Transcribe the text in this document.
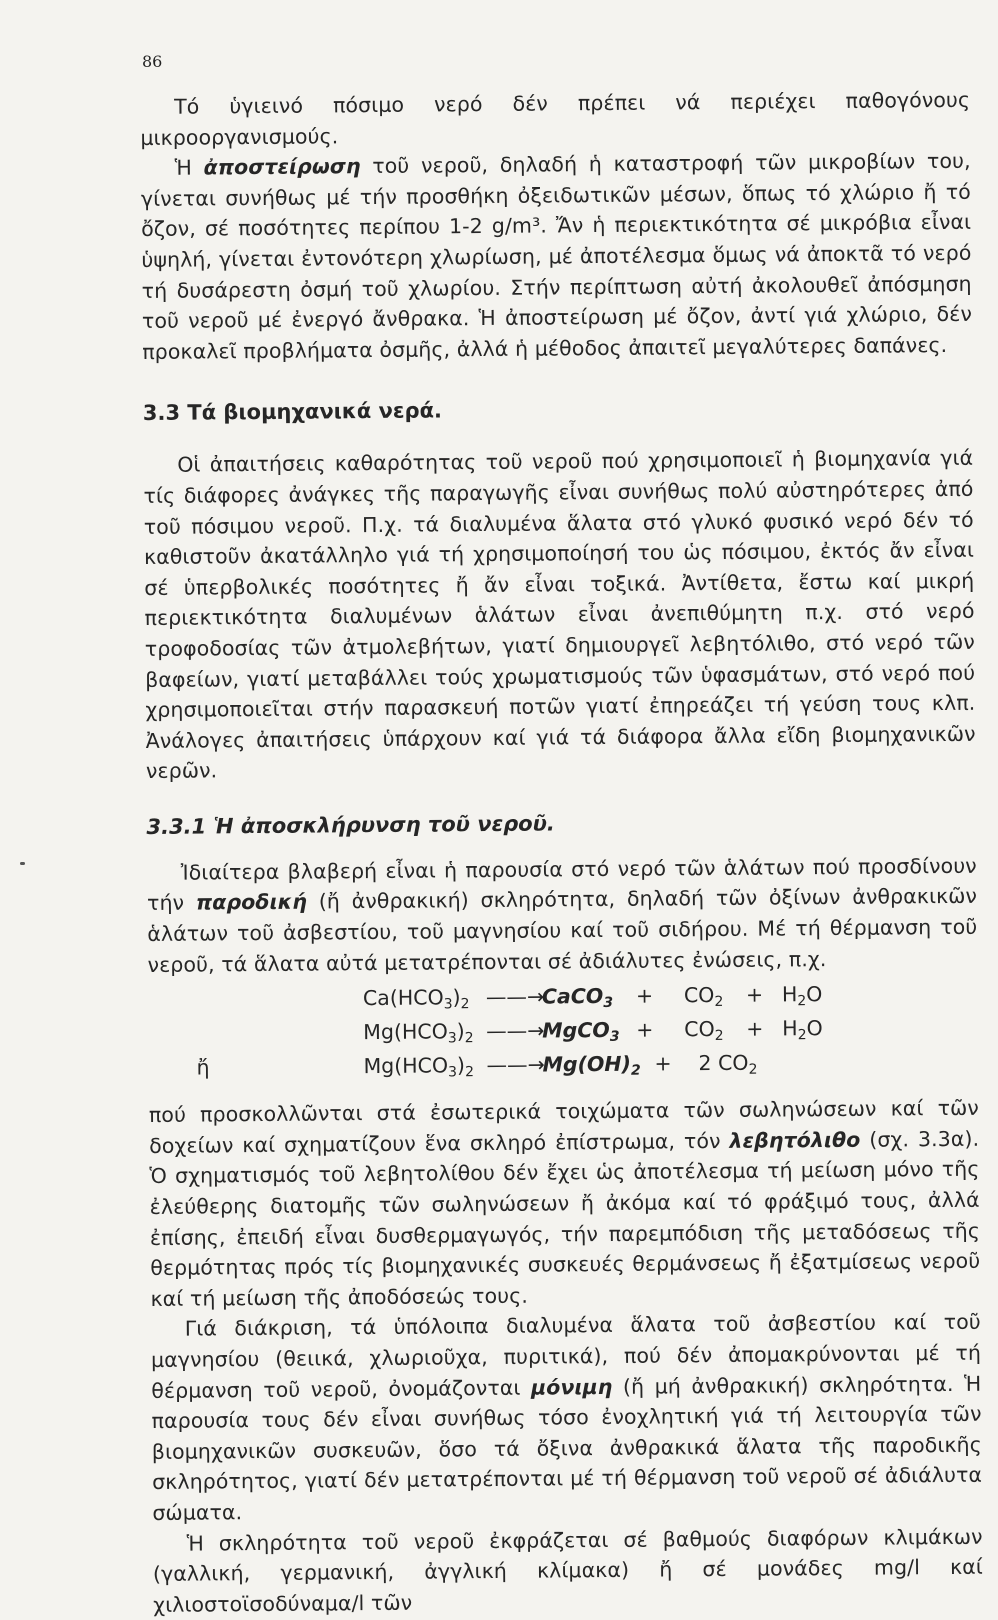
86

Τό ὑγιεινό πόσιμο νερό δέν πρέπει νά περιέχει παθογόνους μικροοργανισμούς.

Ἡ ἀποστείρωση τοῦ νεροῦ, δηλαδή ἡ καταστροφή τῶν μικροβίων του, γίνεται συνήθως μέ τήν προσθήκη ὀξειδωτικῶν μέσων, ὅπως τό χλώριο ἤ τό ὄζον, σέ ποσότητες περίπου 1-2 g/m³. Ἄν ἡ περιεκτικότητα σέ μικρόβια εἶναι ὑψηλή, γίνεται ἐντονότερη χλωρίωση, μέ ἀποτέλεσμα ὅμως νά ἀποκτᾶ τό νερό τή δυσάρεστη ὀσμή τοῦ χλωρίου. Στήν περίπτωση αὐτή ἀκολουθεῖ ἀπόσμηση τοῦ νεροῦ μέ ἐνεργό ἄνθρακα. Ἡ ἀποστείρωση μέ ὄζον, ἀντί γιά χλώριο, δέν προκαλεῖ προβλήματα ὀσμῆς, ἀλλά ἡ μέθοδος ἀπαιτεῖ μεγαλύτερες δαπάνες.

3.3 Τά βιομηχανικά νερά.

Οἱ ἀπαιτήσεις καθαρότητας τοῦ νεροῦ πού χρησιμοποιεῖ ἡ βιομηχανία γιά τίς διάφορες ἀνάγκες τῆς παραγωγῆς εἶναι συνήθως πολύ αὐστηρότερες ἀπό τοῦ πόσιμου νεροῦ. Π.χ. τά διαλυμένα ἅλατα στό γλυκό φυσικό νερό δέν τό καθιστοῦν ἀκατάλληλο γιά τή χρησιμοποίησή του ὡς πόσιμου, ἐκτός ἄν εἶναι σέ ὑπερβολικές ποσότητες ἤ ἄν εἶναι τοξικά. Ἀντίθετα, ἔστω καί μικρή περιεκτικότητα διαλυμένων ἁλάτων εἶναι ἀνεπιθύμητη π.χ. στό νερό τροφοδοσίας τῶν ἀτμολεβήτων, γιατί δημιουργεῖ λεβητόλιθο, στό νερό τῶν βαφείων, γιατί μεταβάλλει τούς χρωματισμούς τῶν ὑφασμάτων, στό νερό πού χρησιμοποιεῖται στήν παρασκευή ποτῶν γιατί ἐπηρεάζει τή γεύση τους κλπ. Ἀνάλογες ἀπαιτήσεις ὑπάρχουν καί γιά τά διάφορα ἄλλα εἴδη βιομηχανικῶν νερῶν.

3.3.1 Ἡ ἀποσκλήρυνση τοῦ νεροῦ.

Ἰδιαίτερα βλαβερή εἶναι ἡ παρουσία στό νερό τῶν ἁλάτων πού προσδίνουν τήν παροδική (ἤ ἀνθρακική) σκληρότητα, δηλαδή τῶν ὀξίνων ἀνθρακικῶν ἁλάτων τοῦ ἀσβεστίου, τοῦ μαγνησίου καί τοῦ σιδήρου. Μέ τή θέρμανση τοῦ νεροῦ, τά ἅλατα αὐτά μετατρέπονται σέ ἀδιάλυτες ἐνώσεις, π.χ.

$Ca(HCO_3)_2$ ——→
CaCO$_3$ + $CO_2 + H_2O$
$Mg(HCO_3)_2$ ——→
MgCO$_3$ + $CO_2 + H_2O$
ἤ	$Mg(HCO_3)_2$ ——→
$Mg(OH)_2 + 2$ $CO_2$

πού προσκολλῶνται στά ἐσωτερικά τοιχώματα τῶν σωληνώσεων καί τῶν δοχείων καί σχηματίζουν ἕνα σκληρό ἐπίστρωμα, τόν λεβητόλιθο (σχ. 3.3α). Ὁ σχηματισμός τοῦ λεβητολίθου δέν ἔχει ὡς ἀποτέλεσμα τή μείωση μόνο τῆς ἐλεύθερης διατομῆς τῶν σωληνώσεων ἤ ἀκόμα καί τό φράξιμό τους, ἀλλά ἐπίσης, ἐπειδή εἶναι δυσθερμαγωγός, τήν παρεμπόδιση τῆς μεταδόσεως τῆς θερμότητας πρός τίς βιομηχανικές συσκευές θερμάνσεως ἤ ἐξατμίσεως νεροῦ καί τή μείωση τῆς ἀποδόσεώς τους.

Γιά διάκριση, τά ὑπόλοιπα διαλυμένα ἅλατα τοῦ ἀσβεστίου καί τοῦ μαγνησίου (θειικά, χλωριοῦχα, πυριτικά), πού δέν ἀπομακρύνονται μέ τή θέρμανση τοῦ νεροῦ, ὀνομάζονται μόνιμη (ἤ μή ἀνθρακική) σκληρότητα. Ἡ παρουσία τους δέν εἶναι συνήθως τόσο ἐνοχλητική γιά τή λειτουργία τῶν βιομηχανικῶν συσκευῶν, ὅσο τά ὄξινα ἀνθρακικά ἅλατα τῆς παροδικῆς σκληρότητος, γιατί δέν μετατρέπονται μέ τή θέρμανση τοῦ νεροῦ σέ ἀδιάλυτα σώματα.

Ἡ σκληρότητα τοῦ νεροῦ ἐκφράζεται σέ βαθμούς διαφόρων κλιμάκων (γαλλική, γερμανική, ἀγγλική κλίμακα) ἤ σέ μονάδες mg/l καί χιλιοστοϊσοδύναμα/l τῶν
